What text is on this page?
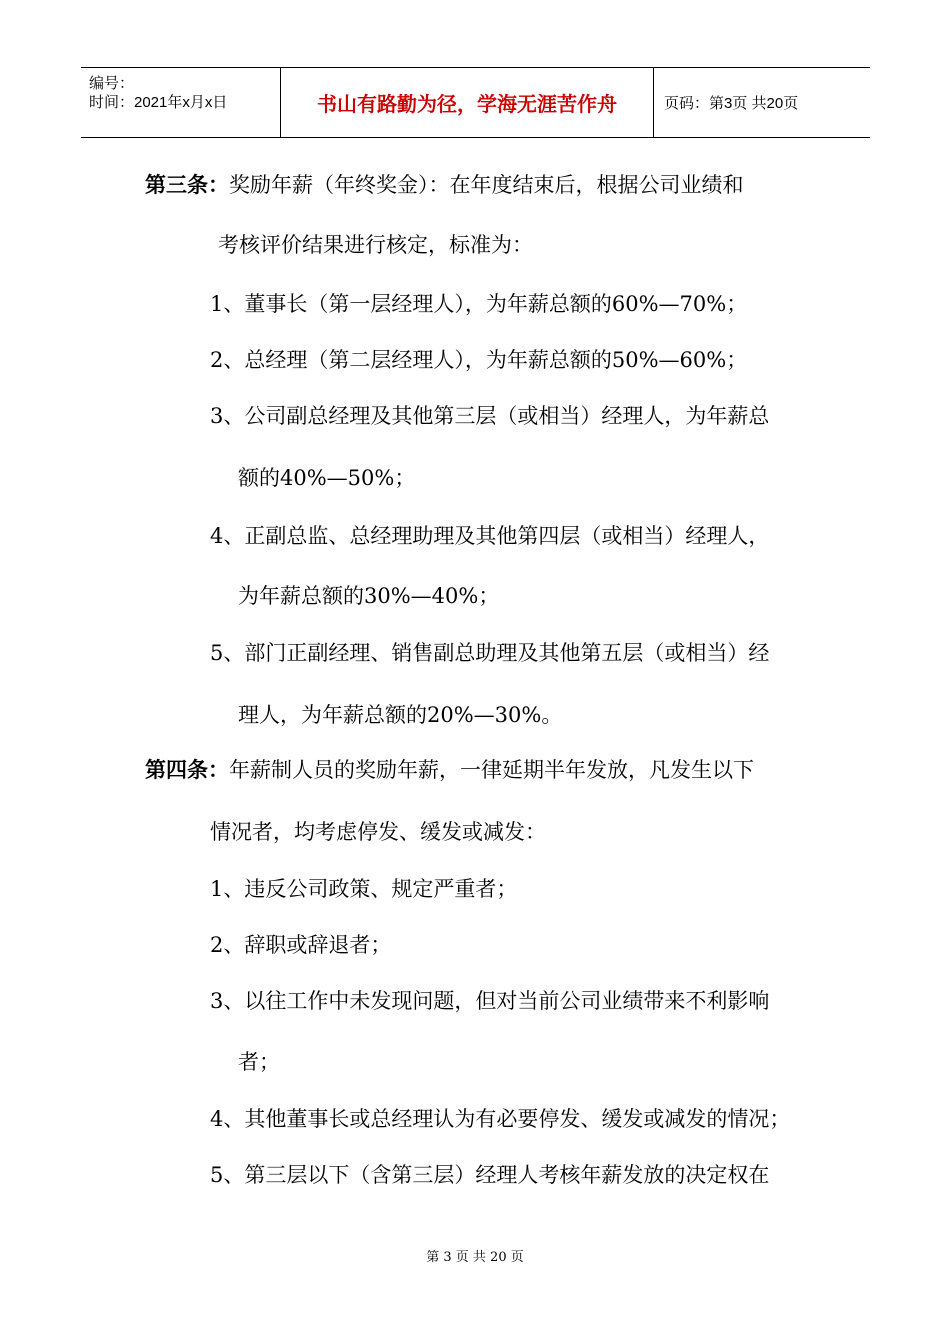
编号：
时间：2021年x月x日	书山有路勤为径，学海无涯苦作舟	页码：第3页 共20页
第三条：奖励年薪（年终奖金）：在年度结束后，根据公司业绩和
考核评价结果进行核定，标准为：
1、董事长（第一层经理人），为年薪总额的60%—70%；
2、总经理（第二层经理人），为年薪总额的50%—60%；
3、公司副总经理及其他第三层（或相当）经理人，为年薪总
额的40%—50%；
4、正副总监、总经理助理及其他第四层（或相当）经理人，
为年薪总额的30%—40%；
5、部门正副经理、销售副总助理及其他第五层（或相当）经
理人，为年薪总额的20%—30%。
第四条：年薪制人员的奖励年薪，一律延期半年发放，凡发生以下
情况者，均考虑停发、缓发或减发：
1、违反公司政策、规定严重者；
2、辞职或辞退者；
3、以往工作中未发现问题，但对当前公司业绩带来不利影响
者；
4、其他董事长或总经理认为有必要停发、缓发或减发的情况；
5、第三层以下（含第三层）经理人考核年薪发放的决定权在
第 3 页 共 20 页
